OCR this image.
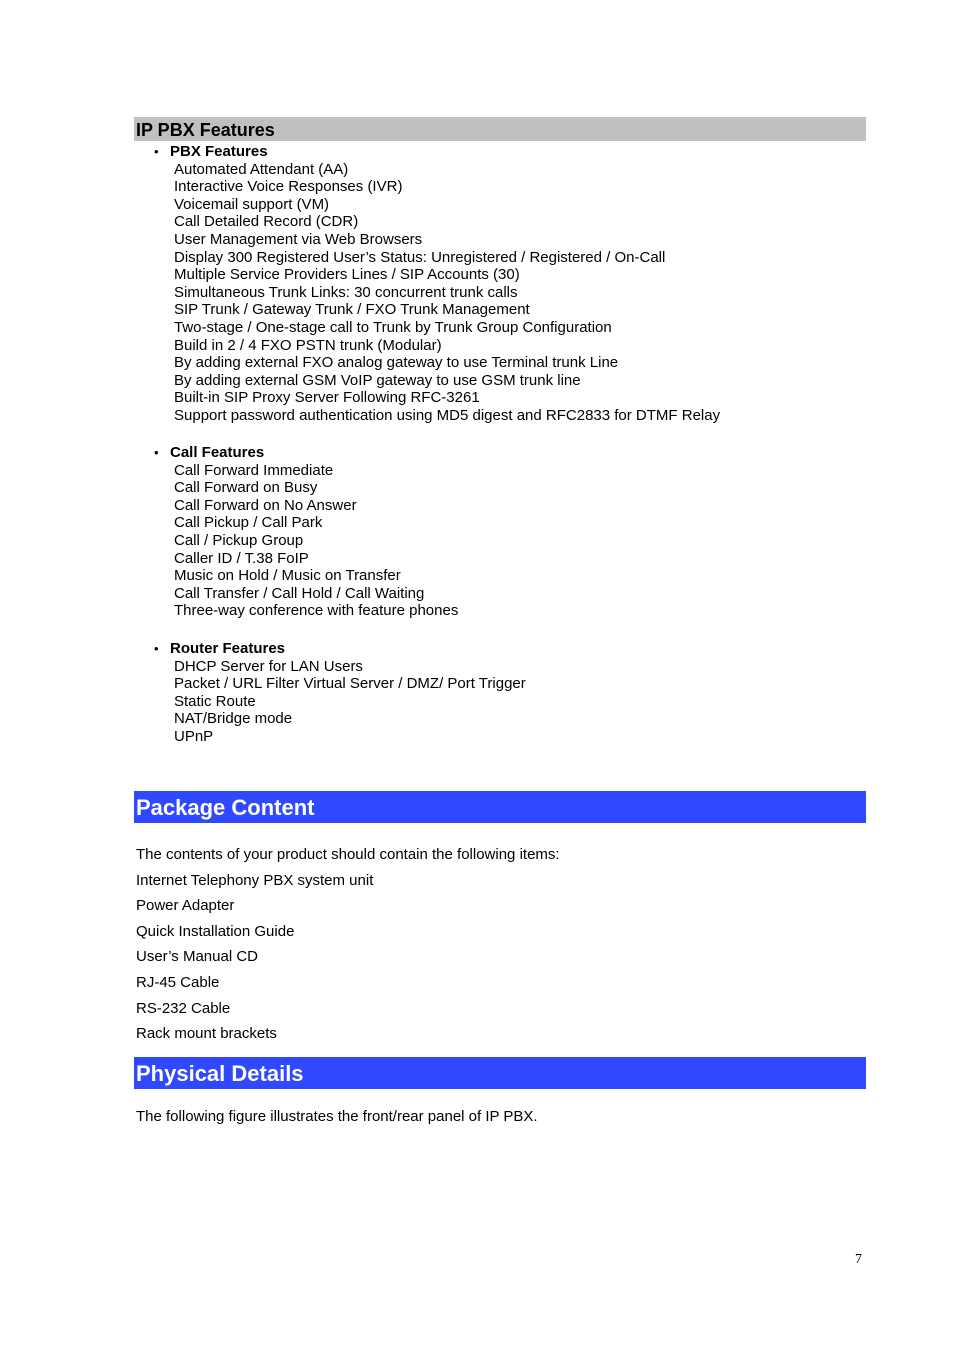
IP PBX Features
• PBX Features
Automated Attendant (AA)
Interactive Voice Responses (IVR)
Voicemail support (VM)
Call Detailed Record (CDR)
User Management via Web Browsers
Display 300 Registered User’s Status: Unregistered / Registered / On-Call
Multiple Service Providers Lines / SIP Accounts (30)
Simultaneous Trunk Links: 30 concurrent trunk calls
SIP Trunk / Gateway Trunk / FXO Trunk Management
Two-stage / One-stage call to Trunk by Trunk Group Configuration
Build in 2 / 4 FXO PSTN trunk (Modular)
By adding external FXO analog gateway to use Terminal trunk Line
By adding external GSM VoIP gateway to use GSM trunk line
Built-in SIP Proxy Server Following RFC-3261
Support password authentication using MD5 digest and RFC2833 for DTMF Relay
• Call Features
Call Forward Immediate
Call Forward on Busy
Call Forward on No Answer
Call Pickup / Call Park
Call / Pickup Group
Caller ID / T.38 FoIP
Music on Hold / Music on Transfer
Call Transfer / Call Hold / Call Waiting
Three-way conference with feature phones
• Router Features
DHCP Server for LAN Users
Packet / URL Filter Virtual Server / DMZ/ Port Trigger
Static Route
NAT/Bridge mode
UPnP
Package Content
The contents of your product should contain the following items:
Internet Telephony PBX system unit
Power Adapter
Quick Installation Guide
User’s Manual CD
RJ-45 Cable
RS-232 Cable
Rack mount brackets
Physical Details
The following figure illustrates the front/rear panel of IP PBX.
7
